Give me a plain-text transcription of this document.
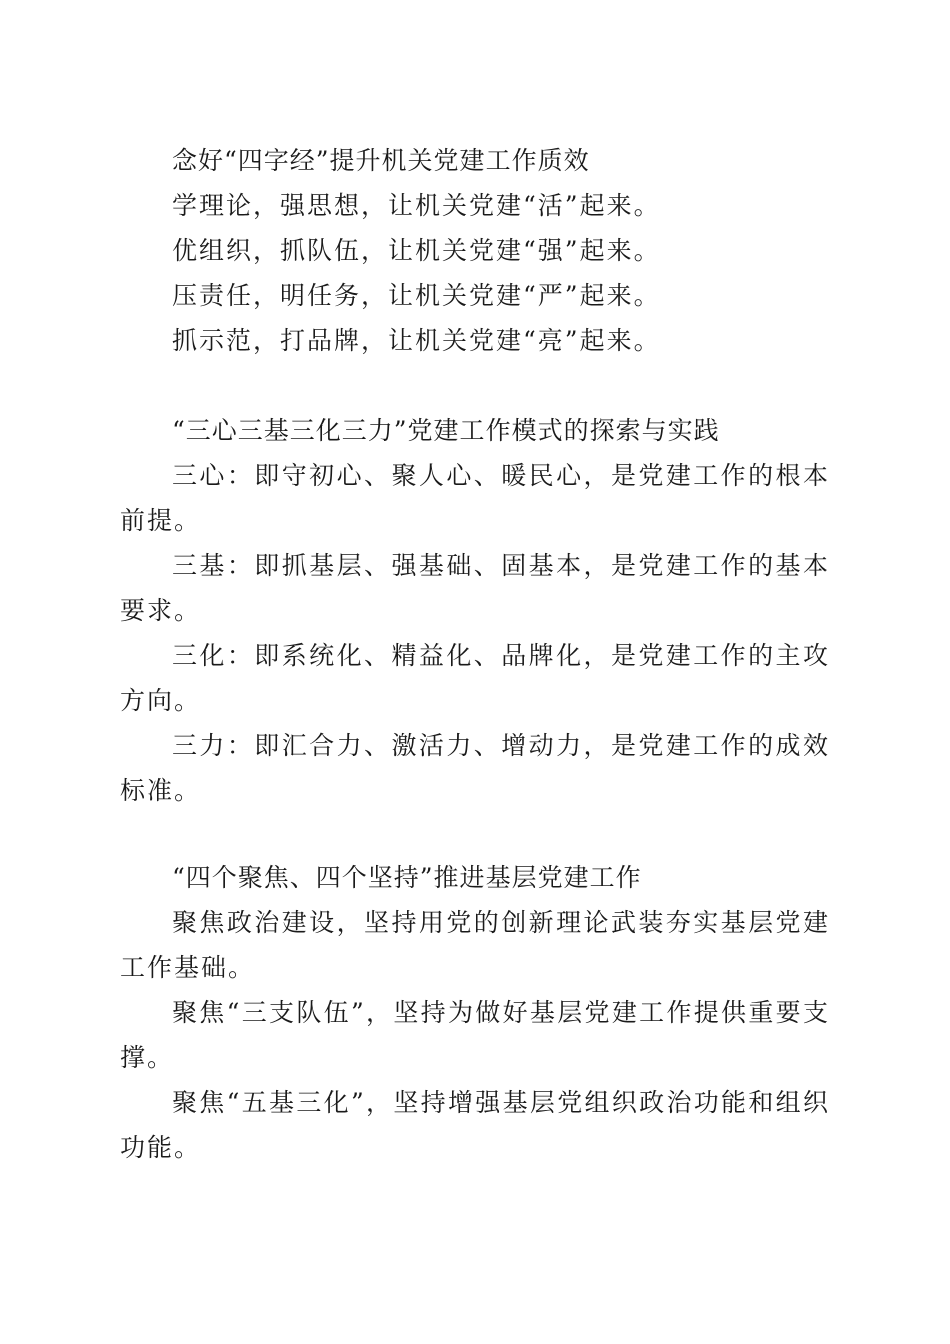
念好“四字经”提升机关党建工作质效
学理论，强思想，让机关党建“活”起来。
优组织，抓队伍，让机关党建“强”起来。
压责任，明任务，让机关党建“严”起来。
抓示范，打品牌，让机关党建“亮”起来。
“三心三基三化三力”党建工作模式的探索与实践

三心：即守初心、聚人心、暖民心，是党建工作的根本前提。

三基：即抓基层、强基础、固基本，是党建工作的基本要求。

三化：即系统化、精益化、品牌化，是党建工作的主攻方向。

三力：即汇合力、激活力、增动力，是党建工作的成效标准。

“四个聚焦、四个坚持”推进基层党建工作

聚焦政治建设，坚持用党的创新理论武装夯实基层党建工作基础。

聚焦“三支队伍”，坚持为做好基层党建工作提供重要支撑。

聚焦“五基三化”，坚持增强基层党组织政治功能和组织功能。
